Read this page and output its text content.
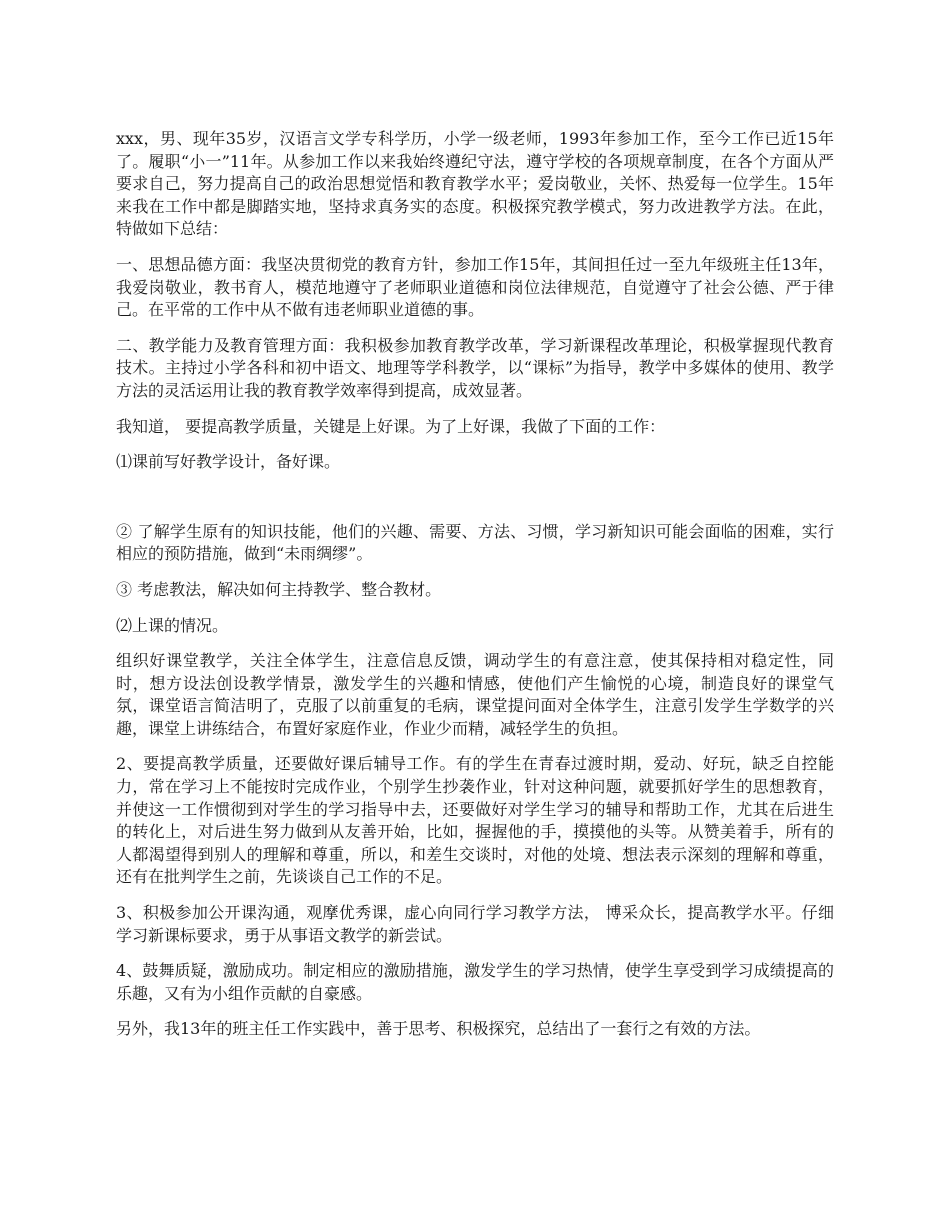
xxx，男、现年35岁，汉语言文学专科学历，小学一级老师，1993年参加工作，至今工作已近15年了。履职“小一”11年。从参加工作以来我始终遵纪守法，遵守学校的各项规章制度，在各个方面从严要求自己，努力提高自己的政治思想觉悟和教育教学水平；爱岗敬业，关怀、热爱每一位学生。15年来我在工作中都是脚踏实地，坚持求真务实的态度。积极探究教学模式，努力改进教学方法。在此，特做如下总结：

一、思想品德方面：我坚决贯彻党的教育方针，参加工作15年，其间担任过一至九年级班主任13年，我爱岗敬业，教书育人，模范地遵守了老师职业道德和岗位法律规范，自觉遵守了社会公德、严于律己。在平常的工作中从不做有违老师职业道德的事。

二、教学能力及教育管理方面：我积极参加教育教学改革，学习新课程改革理论，积极掌握现代教育技术。主持过小学各科和初中语文、地理等学科教学，以“课标”为指导，教学中多媒体的使用、教学方法的灵活运用让我的教育教学效率得到提高，成效显著。

我知道， 要提高教学质量，关键是上好课。为了上好课，我做了下面的工作：

⑴课前写好教学设计，备好课。

② 了解学生原有的知识技能，他们的兴趣、需要、方法、习惯，学习新知识可能会面临的困难，实行相应的预防措施，做到“未雨绸缪”。

③ 考虑教法，解决如何主持教学、整合教材。

⑵上课的情况。

组织好课堂教学，关注全体学生，注意信息反馈，调动学生的有意注意，使其保持相对稳定性，同时，想方设法创设教学情景，激发学生的兴趣和情感，使他们产生愉悦的心境，制造良好的课堂气氛，课堂语言简洁明了，克服了以前重复的毛病，课堂提问面对全体学生，注意引发学生学数学的兴趣，课堂上讲练结合，布置好家庭作业，作业少而精，减轻学生的负担。

2、要提高教学质量，还要做好课后辅导工作。有的学生在青春过渡时期，爱动、好玩，缺乏自控能力，常在学习上不能按时完成作业，个别学生抄袭作业，针对这种问题，就要抓好学生的思想教育，并使这一工作惯彻到对学生的学习指导中去，还要做好对学生学习的辅导和帮助工作，尤其在后进生的转化上，对后进生努力做到从友善开始，比如，握握他的手，摸摸他的头等。从赞美着手，所有的人都渴望得到别人的理解和尊重，所以，和差生交谈时，对他的处境、想法表示深刻的理解和尊重，还有在批判学生之前，先谈谈自己工作的不足。

3、积极参加公开课沟通，观摩优秀课，虚心向同行学习教学方法， 博采众长，提高教学水平。仔细学习新课标要求，勇于从事语文教学的新尝试。

4、鼓舞质疑，激励成功。制定相应的激励措施，激发学生的学习热情，使学生享受到学习成绩提高的乐趣，又有为小组作贡献的自豪感。

另外，我13年的班主任工作实践中，善于思考、积极探究，总结出了一套行之有效的方法。
